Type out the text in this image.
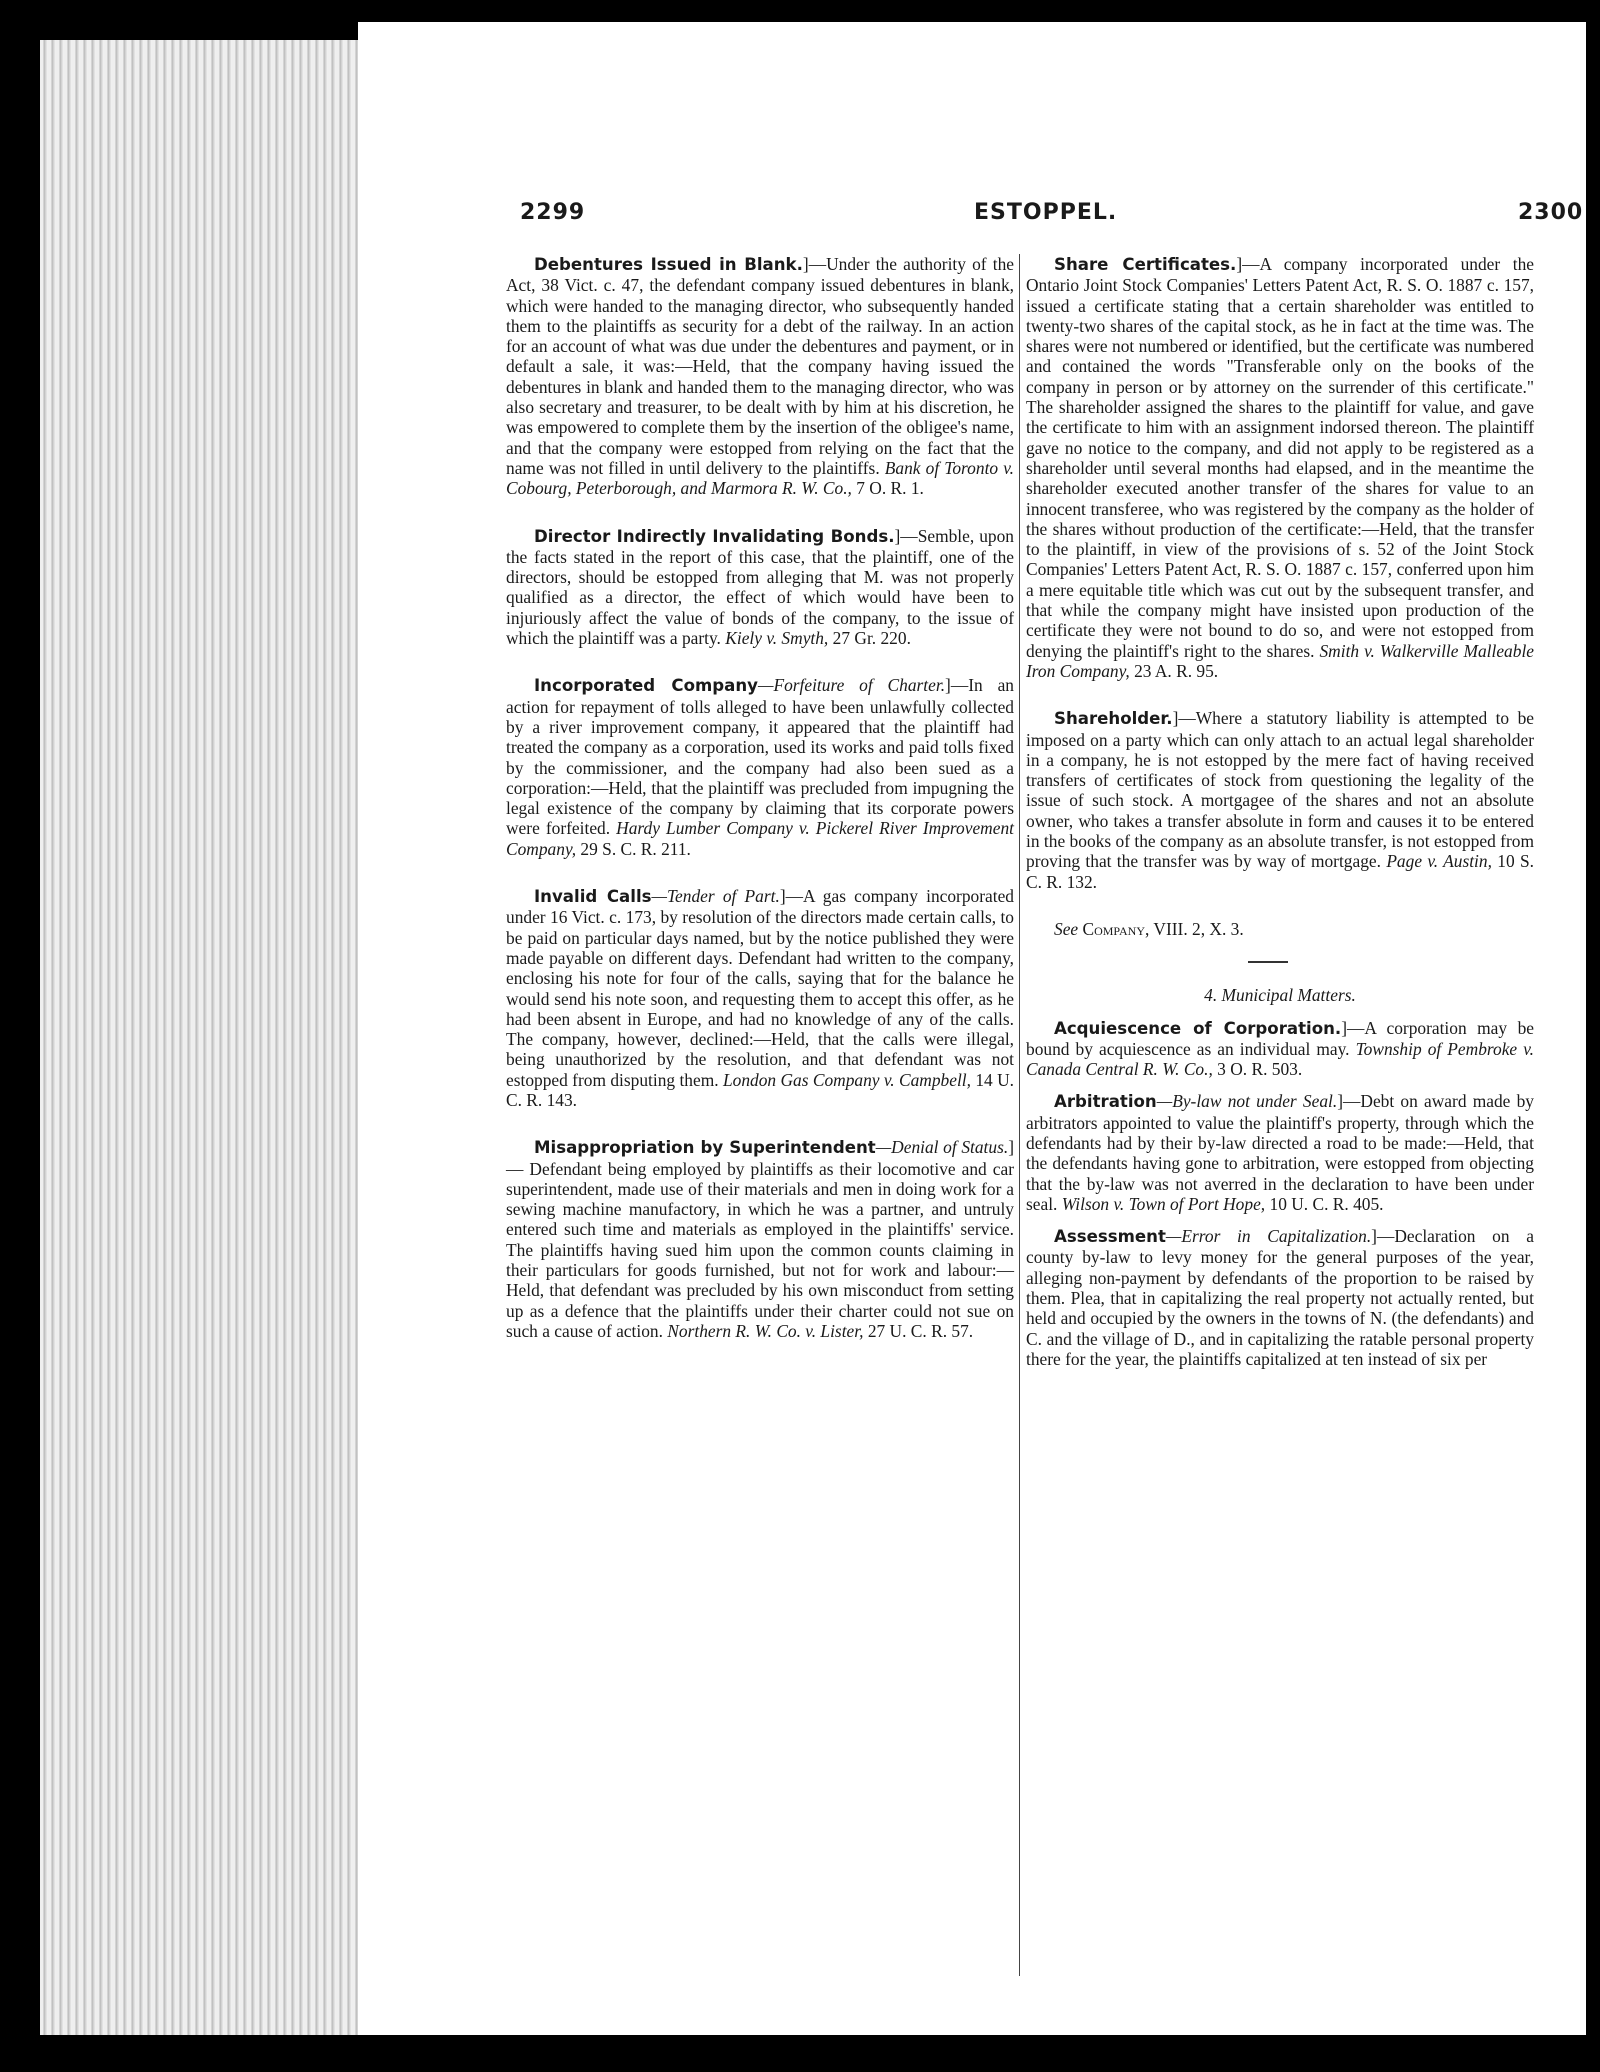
2299	ESTOPPEL.	2300

Debentures Issued in Blank.]—Under the authority of the Act, 38 Vict. c. 47, the defendant company issued debentures in blank, which were handed to the managing director, who subsequently handed them to the plaintiffs as security for a debt of the railway. In an action for an account of what was due under the debentures and payment, or in default a sale, it was:—Held, that the company having issued the debentures in blank and handed them to the managing director, who was also secretary and treasurer, to be dealt with by him at his discretion, he was empowered to complete them by the insertion of the obligee's name, and that the company were estopped from relying on the fact that the name was not filled in until delivery to the plaintiffs. Bank of Toronto v. Cobourg, Peterborough, and Marmora R. W. Co., 7 O. R. 1.

Director Indirectly Invalidating Bonds.]—Semble, upon the facts stated in the report of this case, that the plaintiff, one of the directors, should be estopped from alleging that M. was not properly qualified as a director, the effect of which would have been to injuriously affect the value of bonds of the company, to the issue of which the plaintiff was a party. Kiely v. Smyth, 27 Gr. 220.

Incorporated Company—Forfeiture of Charter.]—In an action for repayment of tolls alleged to have been unlawfully collected by a river improvement company, it appeared that the plaintiff had treated the company as a corporation, used its works and paid tolls fixed by the commissioner, and the company had also been sued as a corporation:—Held, that the plaintiff was precluded from impugning the legal existence of the company by claiming that its corporate powers were forfeited. Hardy Lumber Company v. Pickerel River Improvement Company, 29 S. C. R. 211.

Invalid Calls—Tender of Part.]—A gas company incorporated under 16 Vict. c. 173, by resolution of the directors made certain calls, to be paid on particular days named, but by the notice published they were made payable on different days. Defendant had written to the company, enclosing his note for four of the calls, saying that for the balance he would send his note soon, and requesting them to accept this offer, as he had been absent in Europe, and had no knowledge of any of the calls. The company, however, declined:—Held, that the calls were illegal, being unauthorized by the resolution, and that defendant was not estopped from disputing them. London Gas Company v. Campbell, 14 U. C. R. 143.

Misappropriation by Superintendent—Denial of Status.] — Defendant being employed by plaintiffs as their locomotive and car superintendent, made use of their materials and men in doing work for a sewing machine manufactory, in which he was a partner, and untruly entered such time and materials as employed in the plaintiffs' service. The plaintiffs having sued him upon the common counts claiming in their particulars for goods furnished, but not for work and labour:—Held, that defendant was precluded by his own misconduct from setting up as a defence that the plaintiffs under their charter could not sue on such a cause of action. Northern R. W. Co. v. Lister, 27 U. C. R. 57.

Share Certificates.]—A company incorporated under the Ontario Joint Stock Companies' Letters Patent Act, R. S. O. 1887 c. 157, issued a certificate stating that a certain shareholder was entitled to twenty-two shares of the capital stock, as he in fact at the time was. The shares were not numbered or identified, but the certificate was numbered and contained the words "Transferable only on the books of the company in person or by attorney on the surrender of this certificate." The shareholder assigned the shares to the plaintiff for value, and gave the certificate to him with an assignment indorsed thereon. The plaintiff gave no notice to the company, and did not apply to be registered as a shareholder until several months had elapsed, and in the meantime the shareholder executed another transfer of the shares for value to an innocent transferee, who was registered by the company as the holder of the shares without production of the certificate:—Held, that the transfer to the plaintiff, in view of the provisions of s. 52 of the Joint Stock Companies' Letters Patent Act, R. S. O. 1887 c. 157, conferred upon him a mere equitable title which was cut out by the subsequent transfer, and that while the company might have insisted upon production of the certificate they were not bound to do so, and were not estopped from denying the plaintiff's right to the shares. Smith v. Walkerville Malleable Iron Company, 23 A. R. 95.

Shareholder.]—Where a statutory liability is attempted to be imposed on a party which can only attach to an actual legal shareholder in a company, he is not estopped by the mere fact of having received transfers of certificates of stock from questioning the legality of the issue of such stock. A mortgagee of the shares and not an absolute owner, who takes a transfer absolute in form and causes it to be entered in the books of the company as an absolute transfer, is not estopped from proving that the transfer was by way of mortgage. Page v. Austin, 10 S. C. R. 132.

See Company, VIII. 2, X. 3.

4. Municipal Matters.

Acquiescence of Corporation.]—A corporation may be bound by acquiescence as an individual may. Township of Pembroke v. Canada Central R. W. Co., 3 O. R. 503.

Arbitration—By-law not under Seal.]—Debt on award made by arbitrators appointed to value the plaintiff's property, through which the defendants had by their by-law directed a road to be made:—Held, that the defendants having gone to arbitration, were estopped from objecting that the by-law was not averred in the declaration to have been under seal. Wilson v. Town of Port Hope, 10 U. C. R. 405.

Assessment—Error in Capitalization.]—Declaration on a county by-law to levy money for the general purposes of the year, alleging non-payment by defendants of the proportion to be raised by them. Plea, that in capitalizing the real property not actually rented, but held and occupied by the owners in the towns of N. (the defendants) and C. and the village of D., and in capitalizing the ratable personal property there for the year, the plaintiffs capitalized at ten instead of six per
